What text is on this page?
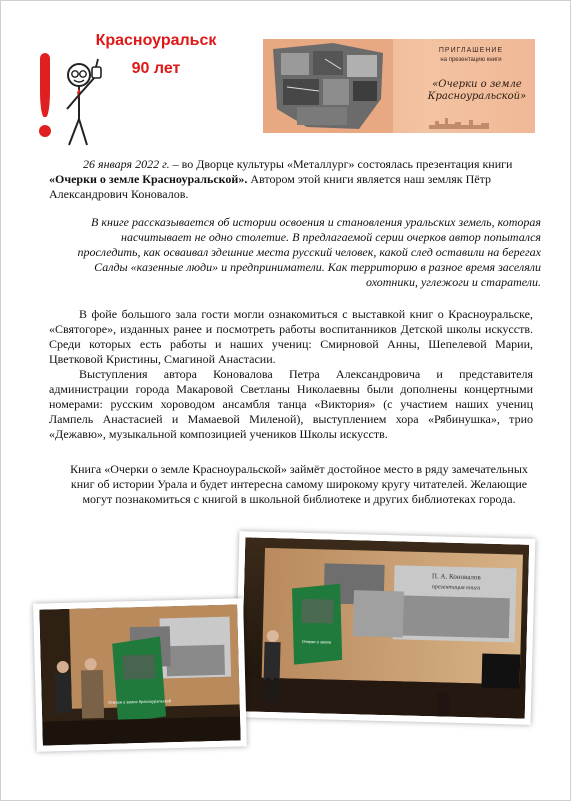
Красноуральск
90 лет
ПРИГЛАШЕНИЕ
на презентацию книги
«Очерки о земле Красноуральской»
26 января 2022 г. – во Дворце культуры «Металлург» состоялась презентация книги «Очерки о земле Красноуральской». Автором этой книги является наш земляк Пётр Александрович Коновалов.
В книге рассказывается об истории освоения и становления уральских земель, которая насчитывает не одно столетие. В предлагаемой серии очерков автор попытался проследить, как осваивал здешние места русский человек, какой след оставили на берегах Салды «казенные люди» и предприниматели. Как территорию в разное время заселяли охотники, углежоги и старатели.
В фойе большого зала гости могли ознакомиться с выставкой книг о Красноуральске, «Святогоре», изданных ранее и посмотреть работы воспитанников Детской школы искусств. Среди которых есть работы и наших учениц: Смирновой Анны, Шепелевой Марии, Цветковой Кристины, Смагиной Анастасии.
Выступления автора Коновалова Петра Александровича и представителя администрации города Макаровой Светланы Николаевны были дополнены концертными номерами: русским хороводом ансамбля танца «Виктория» (с участием наших учениц Лампель Анастасией и Мамаевой Миленой), выступлением хора «Рябинушка», трио «Дежавю», музыкальной композицией учеников Школы искусств.
Книга «Очерки о земле Красноуральской» займёт достойное место в ряду замечательных книг об истории Урала и будет интересна самому широкому кругу читателей. Желающие могут познакомиться с книгой в школьной библиотеке и других библиотеках города.
П. А. Коновалов
презентация книги
Очерки о земле
Очерки о земле Красноуральской
